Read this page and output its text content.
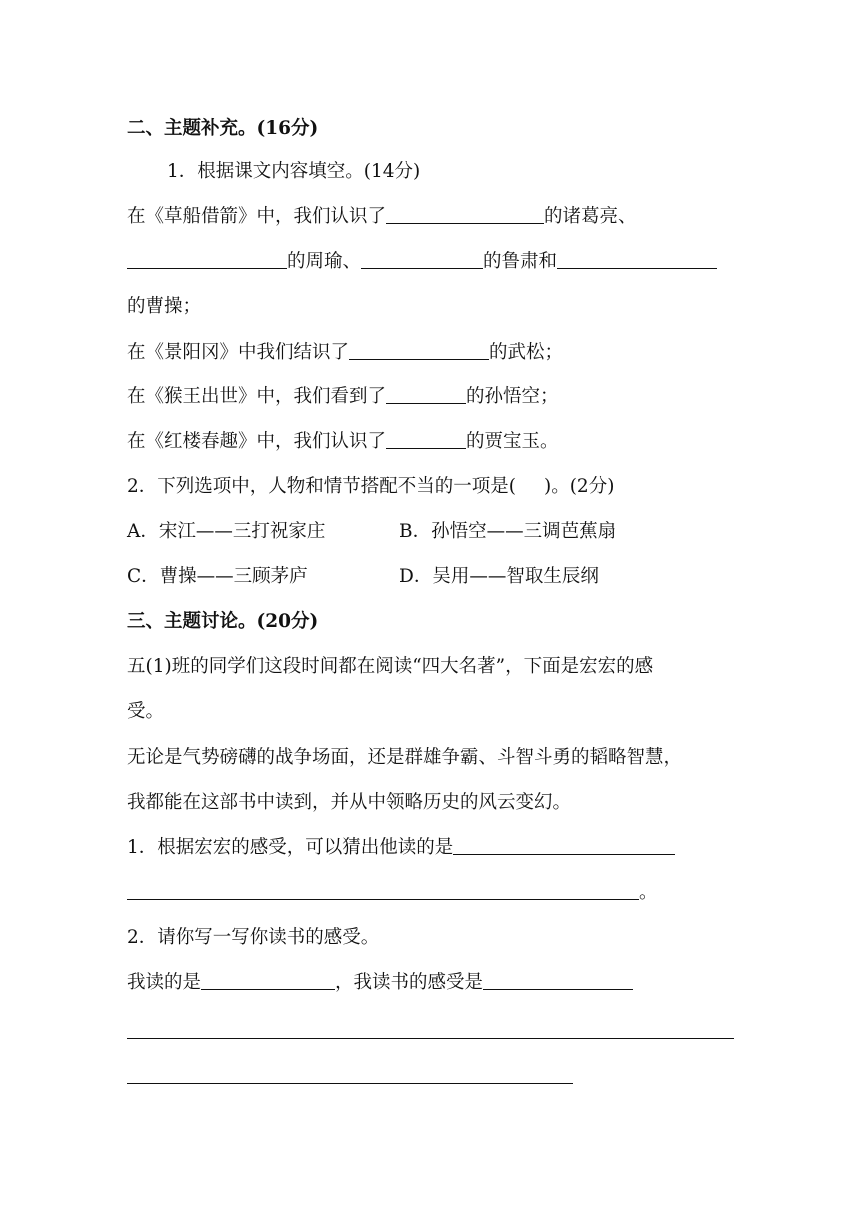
二、主题补充。(16分)
1．根据课文内容填空。(14分)
在《草船借箭》中，我们认识了	的诸葛亮、
的周瑜、	的鲁肃和
的曹操；
在《景阳冈》中我们结识了	的武松；
在《猴王出世》中，我们看到了	的孙悟空；
在《红楼春趣》中，我们认识了	的贾宝玉。
2．下列选项中，人物和情节搭配不当的一项是( )。(2分)
A．宋江——三打祝家庄	B．孙悟空——三调芭蕉扇
C．曹操——三顾茅庐	D．吴用——智取生辰纲
三、主题讨论。(20分)
五(1)班的同学们这段时间都在阅读“四大名著”，下面是宏宏的感
受。
无论是气势磅礴的战争场面，还是群雄争霸、斗智斗勇的韬略智慧，
我都能在这部书中读到，并从中领略历史的风云变幻。
1．根据宏宏的感受，可以猜出他读的是
。
2．请你写一写你读书的感受。
我读的是	，我读书的感受是
